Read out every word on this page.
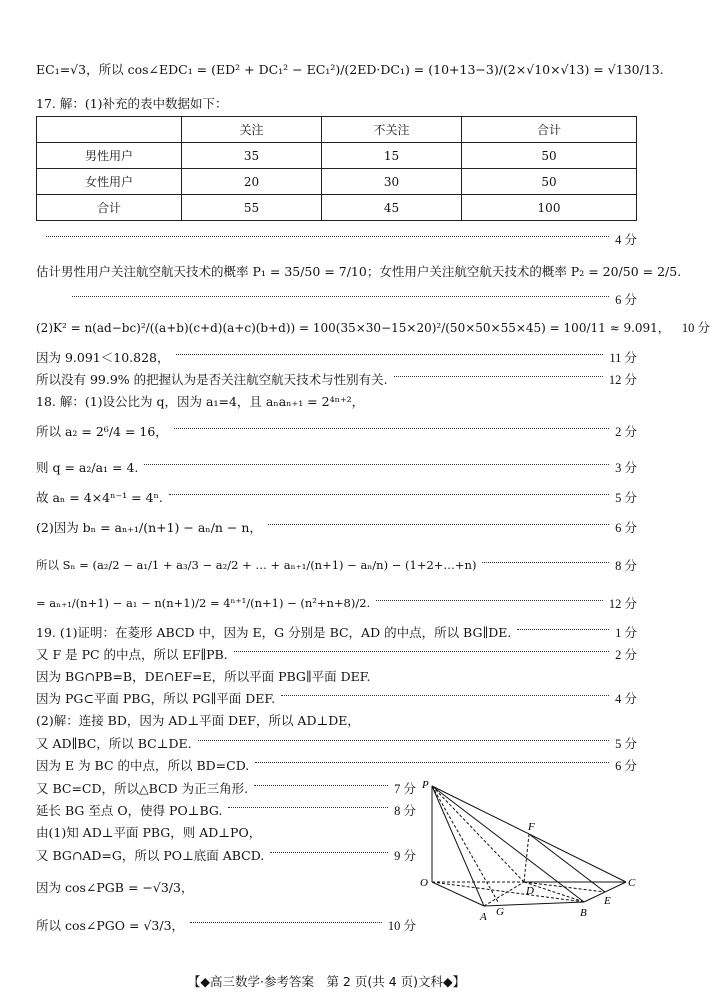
EC₁=√3，所以 cos∠EDC₁ = (ED² + DC₁² − EC₁²)/(2ED·DC₁) = (10+13−3)/(2×√10×√13) = √130/13.
17. 解：(1)补充的表中数据如下：
	关注	不关注	合计
男性用户	35	15	50
女性用户	20	30	50
合计	55	45	100
4 分
估计男性用户关注航空航天技术的概率 P₁ = 35/50 = 7/10；女性用户关注航空航天技术的概率 P₂ = 20/50 = 2/5.
6 分
(2)K² = n(ad−bc)²/((a+b)(c+d)(a+c)(b+d)) = 100(35×30−15×20)²/(50×50×55×45) = 100/11 ≈ 9.091， 10 分
因为 9.091＜10.828，	11 分
所以没有 99.9% 的把握认为是否关注航空航天技术与性别有关.	12 分
18. 解：(1)设公比为 q，因为 a₁=4，且 aₙaₙ₊₁ = 2⁴ⁿ⁺²，
所以 a₂ = 2⁶/4 = 16，	2 分
则 q = a₂/a₁ = 4.	3 分
故 aₙ = 4×4ⁿ⁻¹ = 4ⁿ.	5 分
(2)因为 bₙ = aₙ₊₁/(n+1) − aₙ/n − n，	6 分
所以 Sₙ = (a₂/2 − a₁/1 + a₃/3 − a₂/2 + … + aₙ₊₁/(n+1) − aₙ/n) − (1+2+…+n)	8 分
= aₙ₊₁/(n+1) − a₁ − n(n+1)/2 = 4ⁿ⁺¹/(n+1) − (n²+n+8)/2.	12 分
19. (1)证明：在菱形 ABCD 中，因为 E，G 分别是 BC，AD 的中点，所以 BG∥DE.	1 分
又 F 是 PC 的中点，所以 EF∥PB.	2 分
因为 BG∩PB=B，DE∩EF=E，所以平面 PBG∥平面 DEF.
因为 PG⊂平面 PBG，所以 PG∥平面 DEF.	4 分
(2)解：连接 BD，因为 AD⊥平面 DEF，所以 AD⊥DE，
又 AD∥BC，所以 BC⊥DE.	5 分
因为 E 为 BC 的中点，所以 BD=CD.	6 分
又 BC=CD，所以△BCD 为正三角形.	7 分
延长 BG 至点 O，使得 PO⊥BG.	8 分
由(1)知 AD⊥平面 PBG，则 AD⊥PO，
又 BG∩AD=G，所以 PO⊥底面 ABCD.	9 分
因为 cos∠PGB = −√3/3，
所以 cos∠PGO = √3/3，	10 分
P
O
A G
D
F
B
E
C
【◆高三数学·参考答案　第 2 页(共 4 页)文科◆】
